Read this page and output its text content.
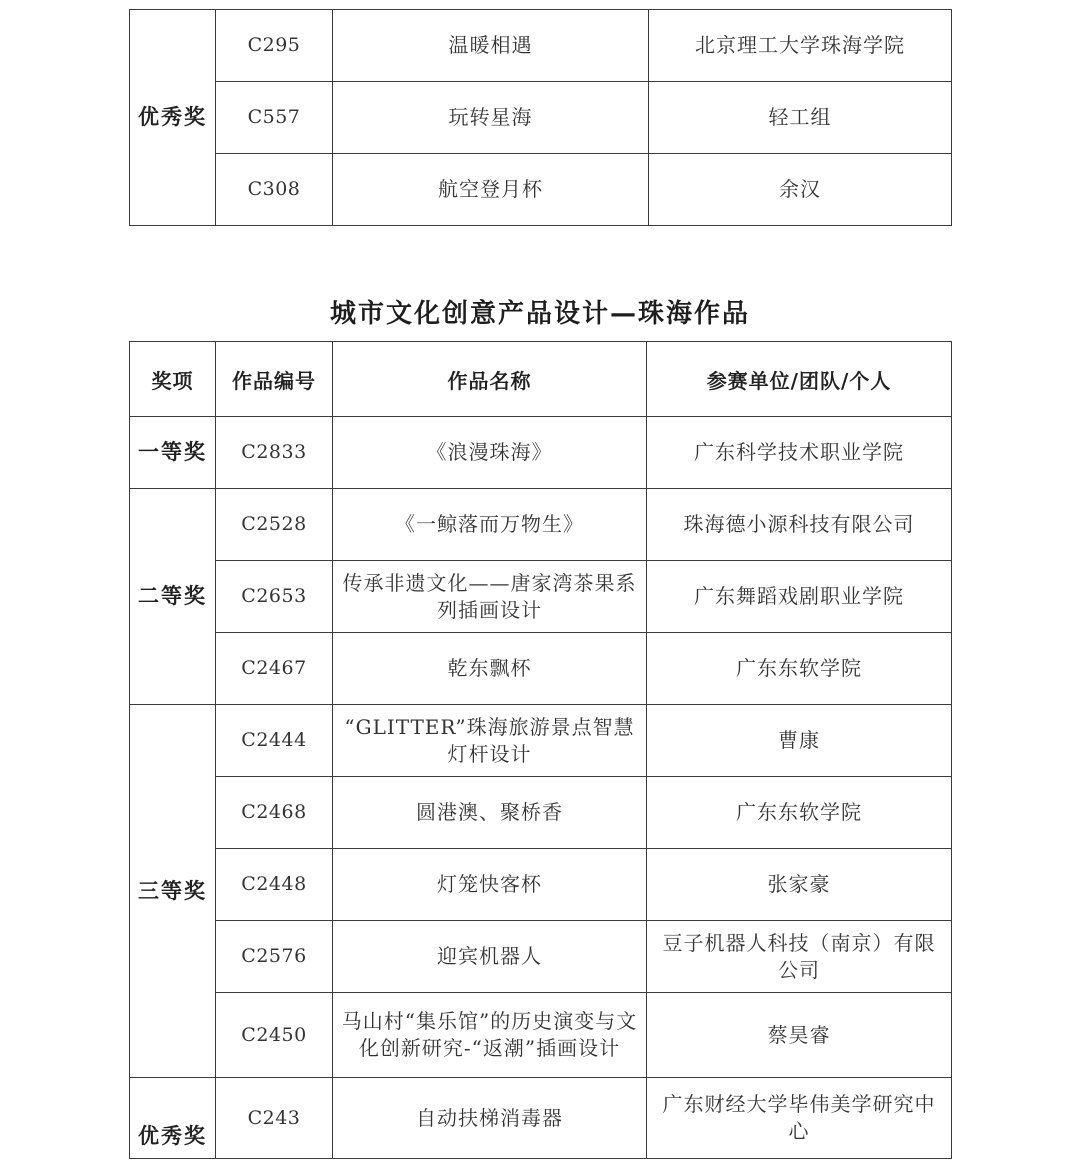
优秀奖	C295	温暖相遇	北京理工大学珠海学院
	C557	玩转星海	轻工组
	C308	航空登月杯	余汉
城市文化创意产品设计—珠海作品
奖项	作品编号	作品名称	参赛单位/团队/个人
一等奖	C2833	《浪漫珠海》	广东科学技术职业学院
二等奖	C2528	《一鲸落而万物生》	珠海德小源科技有限公司
	C2653	传承非遗文化——唐家湾茶果系列插画设计	广东舞蹈戏剧职业学院
	C2467	乾东飘杯	广东东软学院
三等奖	C2444	“GLITTER”珠海旅游景点智慧灯杆设计	曹康
	C2468	圆港澳、聚桥香	广东东软学院
	C2448	灯笼快客杯	张家豪
	C2576	迎宾机器人	豆子机器人科技（南京）有限公司
	C2450	马山村“集乐馆”的历史演变与文化创新研究-“返潮”插画设计	蔡昊睿
优秀奖	C243	自动扶梯消毒器	广东财经大学毕伟美学研究中心
